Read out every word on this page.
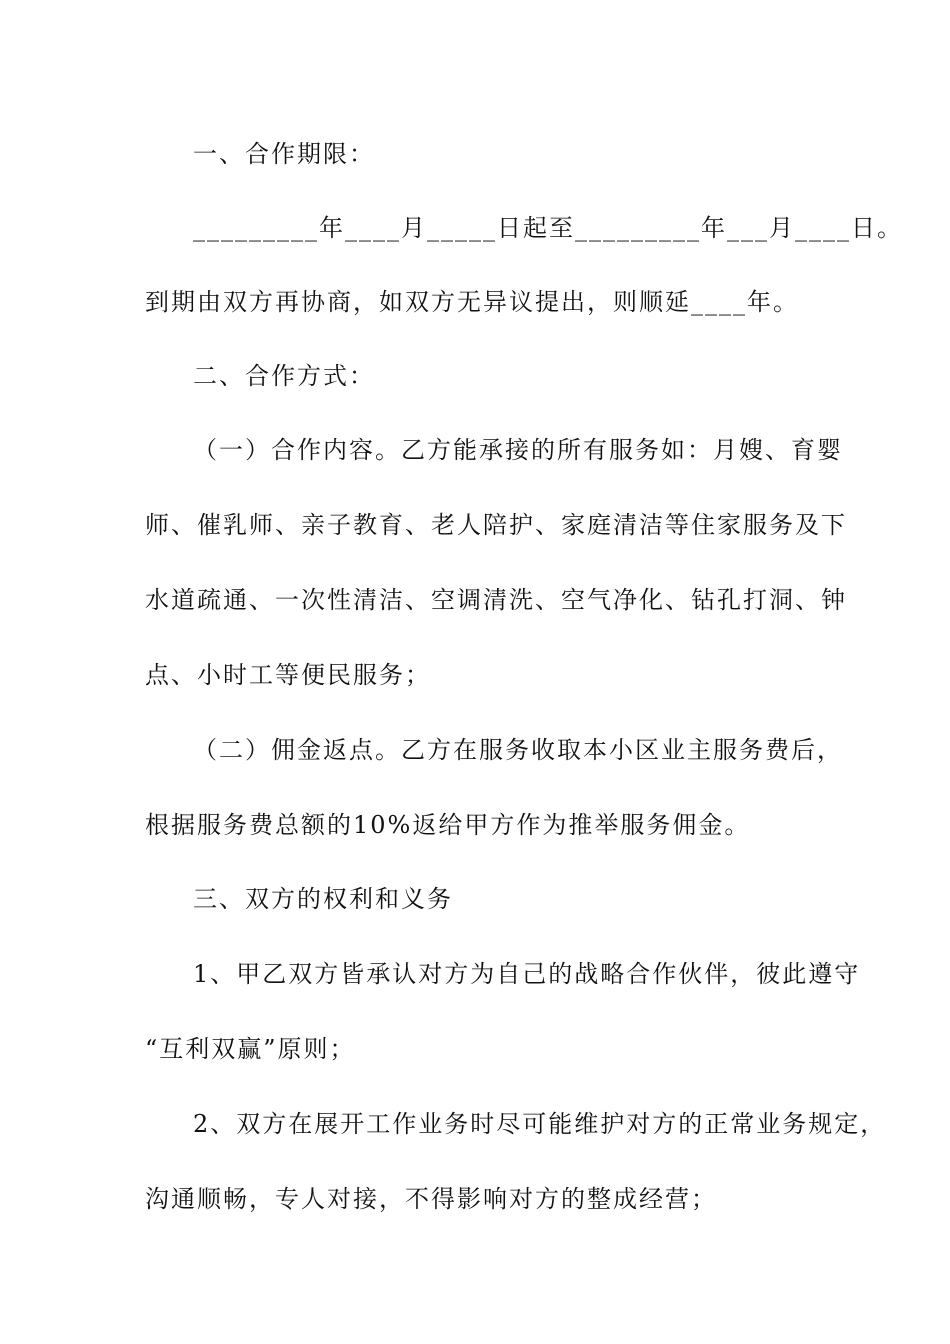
一、合作期限：
_________年____月_____日起至_________年___月____日。
到期由双方再协商，如双方无异议提出，则顺延____年。
二、合作方式：
（一）合作内容。乙方能承接的所有服务如：月嫂、育婴
师、催乳师、亲子教育、老人陪护、家庭清洁等住家服务及下
水道疏通、一次性清洁、空调清洗、空气净化、钻孔打洞、钟
点、小时工等便民服务；
（二）佣金返点。乙方在服务收取本小区业主服务费后，
根据服务费总额的10%返给甲方作为推举服务佣金。
三、双方的权利和义务
1、甲乙双方皆承认对方为自己的战略合作伙伴，彼此遵守
“互利双赢”原则；
2、双方在展开工作业务时尽可能维护对方的正常业务规定，
沟通顺畅，专人对接，不得影响对方的整成经营；
